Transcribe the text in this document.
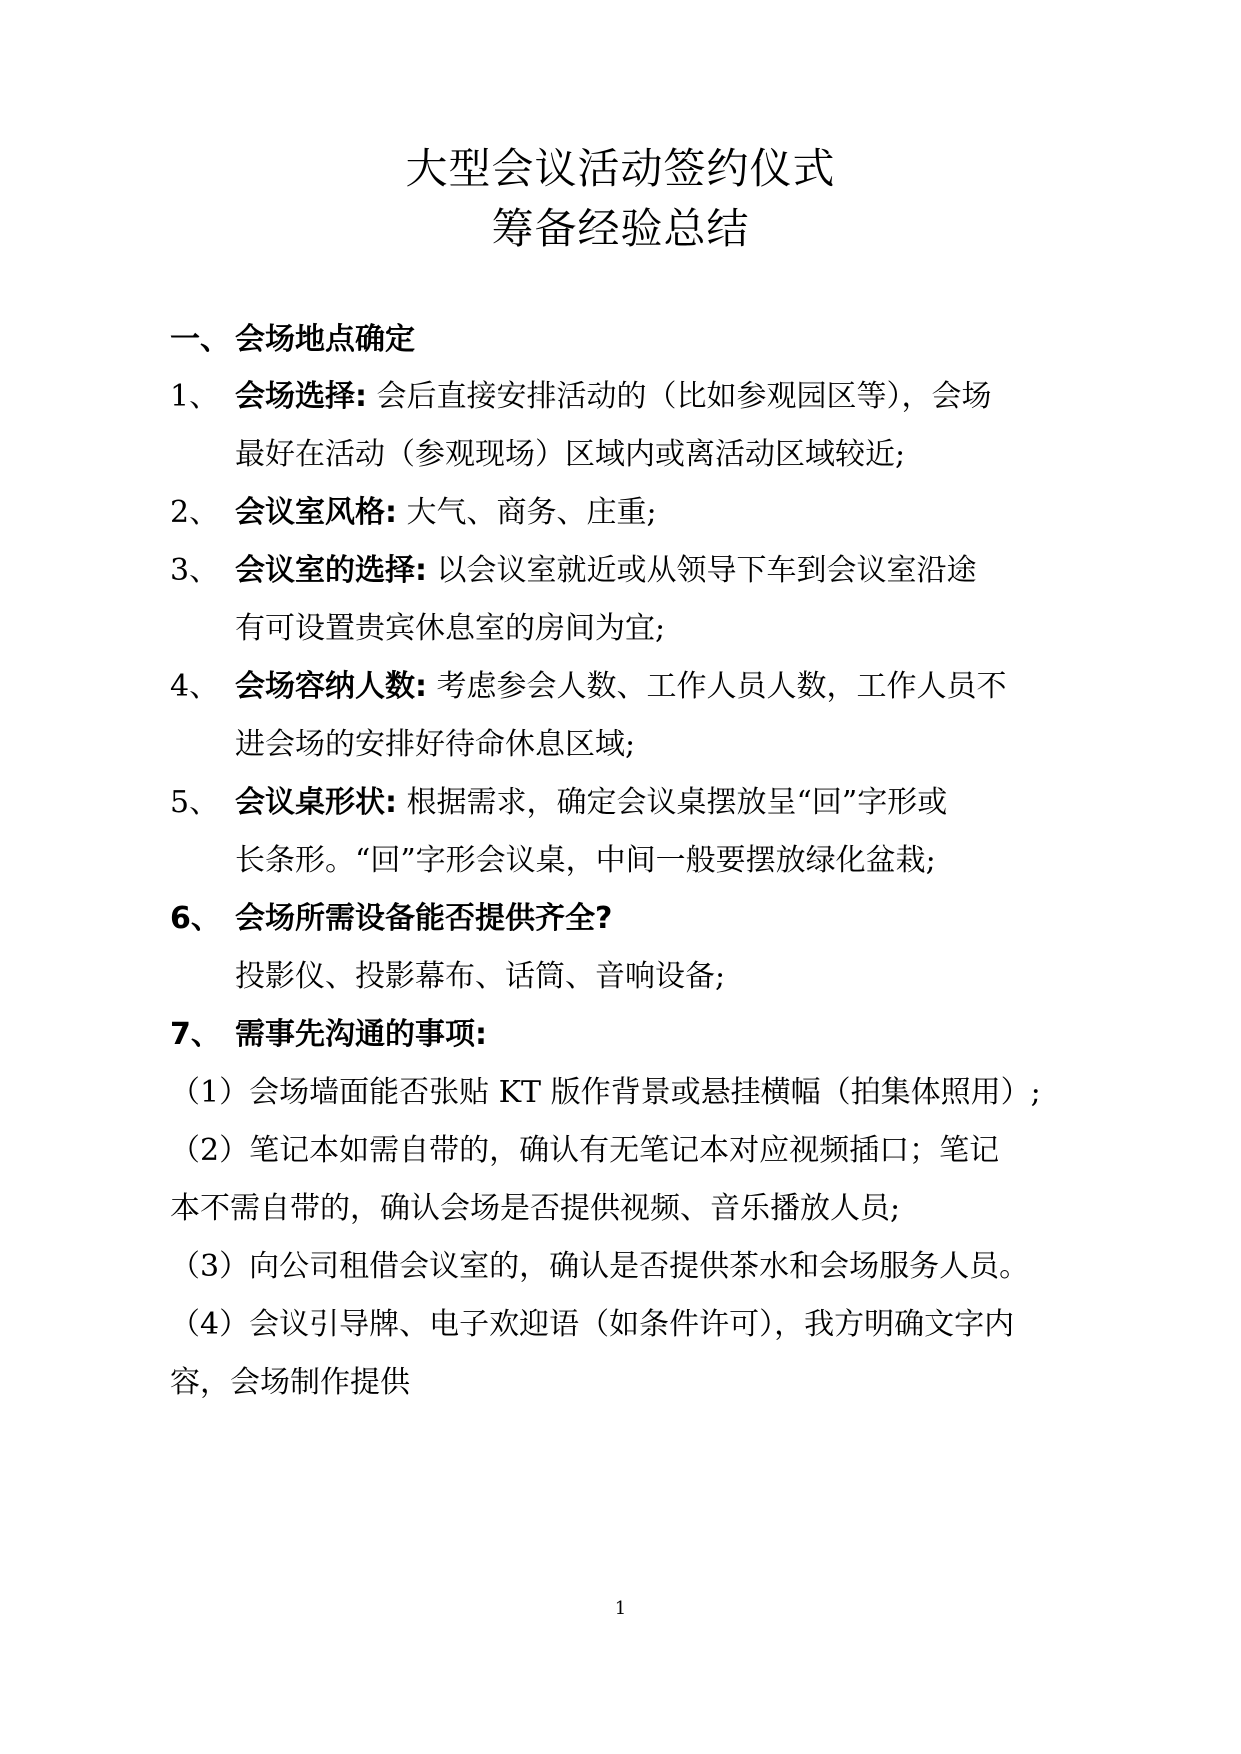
大型会议活动签约仪式
筹备经验总结
一、 会场地点确定
1、 会场选择: 会后直接安排活动的（比如参观园区等），会场
最好在活动（参观现场）区域内或离活动区域较近;
2、 会议室风格: 大气、商务、庄重;
3、 会议室的选择: 以会议室就近或从领导下车到会议室沿途
有可设置贵宾休息室的房间为宜;
4、 会场容纳人数: 考虑参会人数、工作人员人数，工作人员不
进会场的安排好待命休息区域;
5、 会议桌形状: 根据需求，确定会议桌摆放呈“回”字形或
长条形。“回”字形会议桌，中间一般要摆放绿化盆栽;
6、 会场所需设备能否提供齐全?
投影仪、投影幕布、话筒、音响设备;
7、 需事先沟通的事项:
（1）会场墙面能否张贴 KT 版作背景或悬挂横幅（拍集体照用）;
（2）笔记本如需自带的，确认有无笔记本对应视频插口；笔记
本不需自带的，确认会场是否提供视频、音乐播放人员;
（3）向公司租借会议室的，确认是否提供茶水和会场服务人员。
（4）会议引导牌、电子欢迎语（如条件许可），我方明确文字内
容，会场制作提供
1
